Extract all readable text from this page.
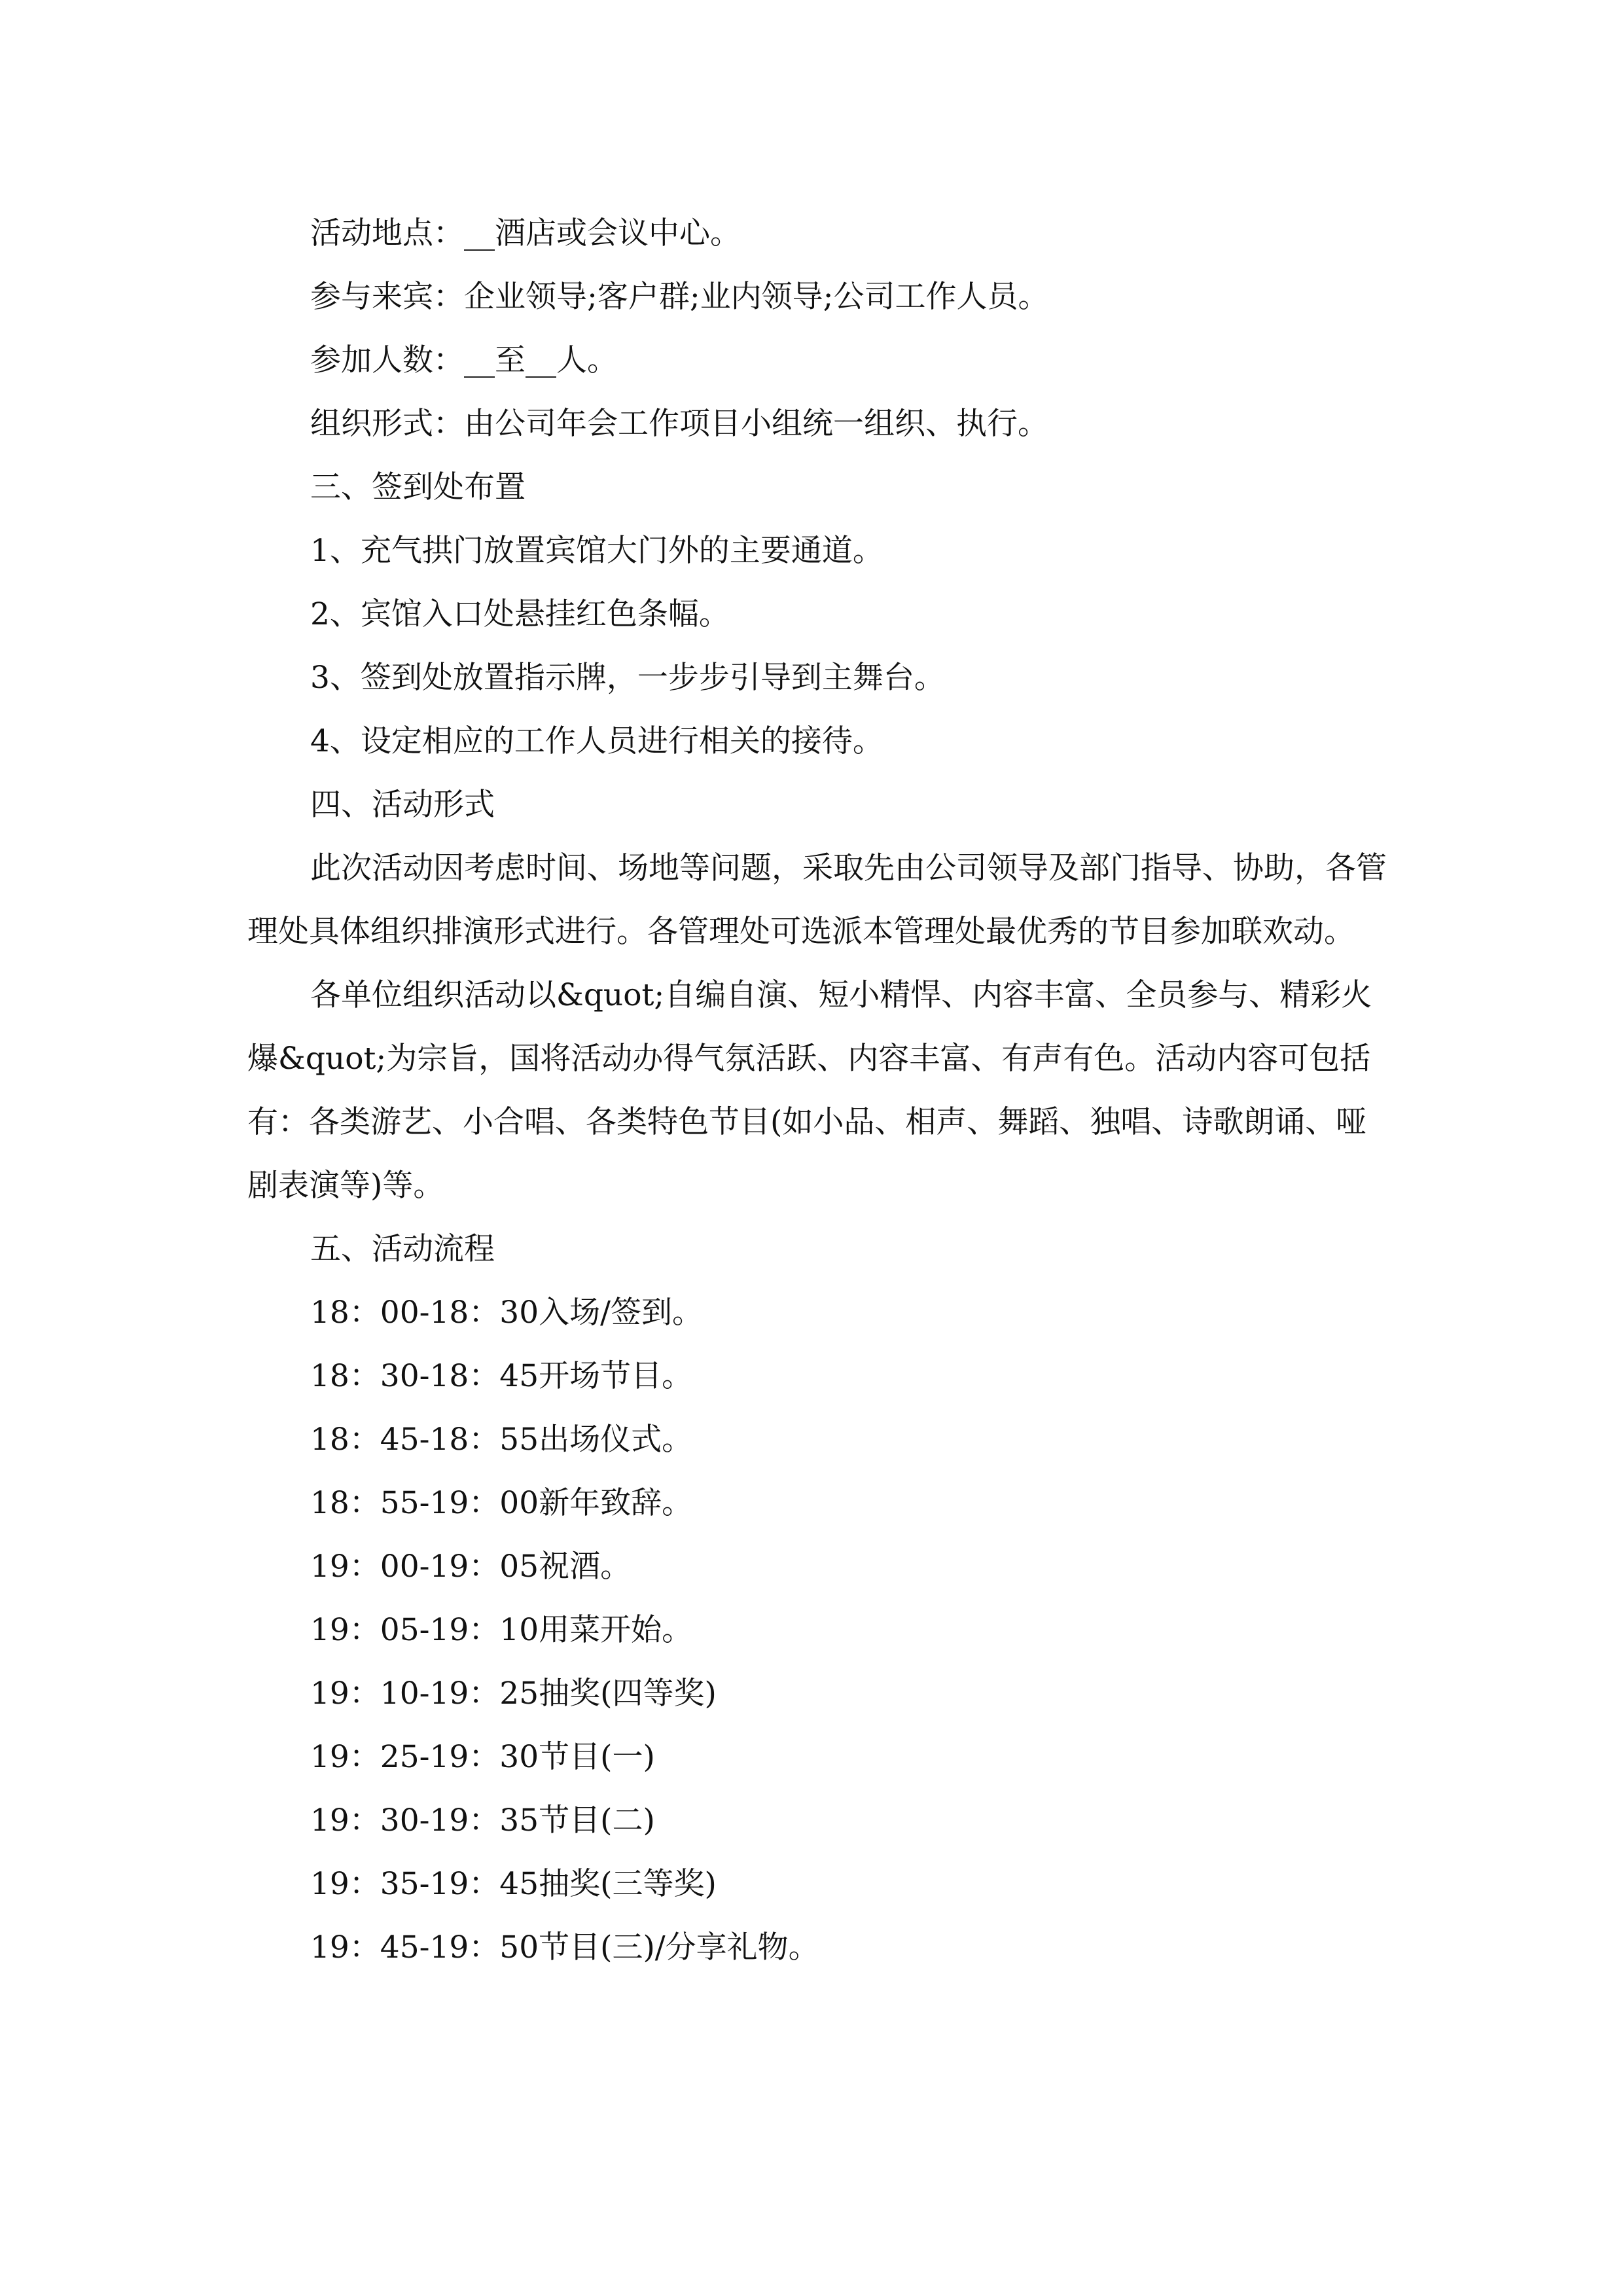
活动地点：__酒店或会议中心。
参与来宾：企业领导;客户群;业内领导;公司工作人员。
参加人数：__至__人。
组织形式：由公司年会工作项目小组统一组织、执行。
三、签到处布置
1、充气拱门放置宾馆大门外的主要通道。
2、宾馆入口处悬挂红色条幅。
3、签到处放置指示牌，一步步引导到主舞台。
4、设定相应的工作人员进行相关的接待。
四、活动形式
此次活动因考虑时间、场地等问题，采取先由公司领导及部门指导、协助，各管理处具体组织排演形式进行。各管理处可选派本管理处最优秀的节目参加联欢动。
各单位组织活动以&quot;自编自演、短小精悍、内容丰富、全员参与、精彩火爆&quot;为宗旨，国将活动办得气氛活跃、内容丰富、有声有色。活动内容可包括有：各类游艺、小合唱、各类特色节目(如小品、相声、舞蹈、独唱、诗歌朗诵、哑剧表演等)等。
五、活动流程
18：00-18：30入场/签到。
18：30-18：45开场节目。
18：45-18：55出场仪式。
18：55-19：00新年致辞。
19：00-19：05祝酒。
19：05-19：10用菜开始。
19：10-19：25抽奖(四等奖)
19：25-19：30节目(一)
19：30-19：35节目(二)
19：35-19：45抽奖(三等奖)
19：45-19：50节目(三)/分享礼物。
